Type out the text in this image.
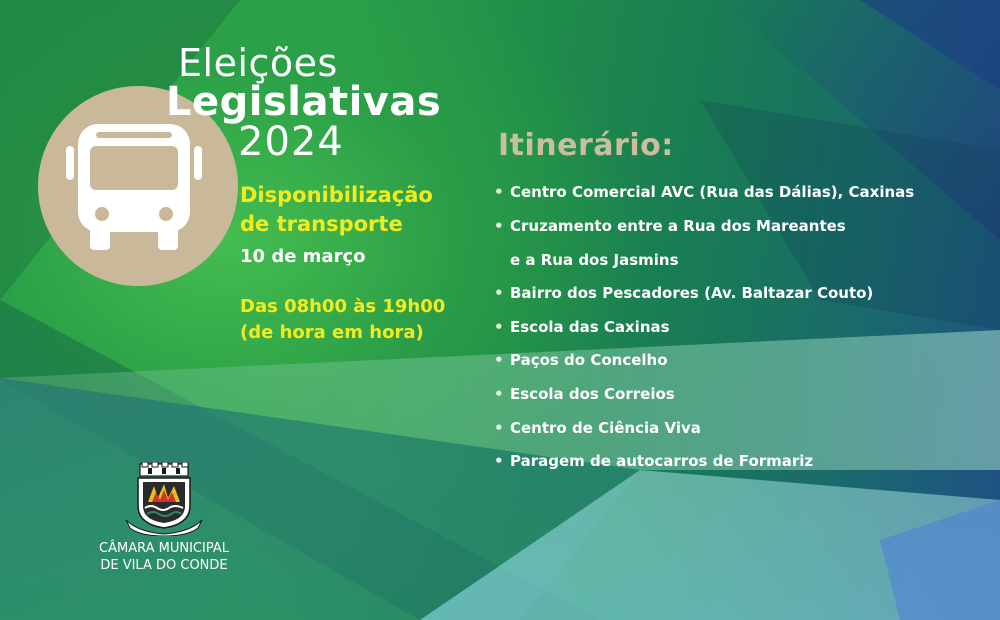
Eleições
Legislativas
2024
Disponibilização
de transporte
10 de março
Das 08h00 às 19h00
(de hora em hora)
Itinerário:
• Centro Comercial AVC (Rua das Dálias), Caxinas
• Cruzamento entre a Rua dos Mareantes
e a Rua dos Jasmins
• Bairro dos Pescadores (Av. Baltazar Couto)
• Escola das Caxinas
• Paços do Concelho
• Escola dos Correios
• Centro de Ciência Viva
• Paragem de autocarros de Formariz
CÂMARA MUNICIPAL
DE VILA DO CONDE
